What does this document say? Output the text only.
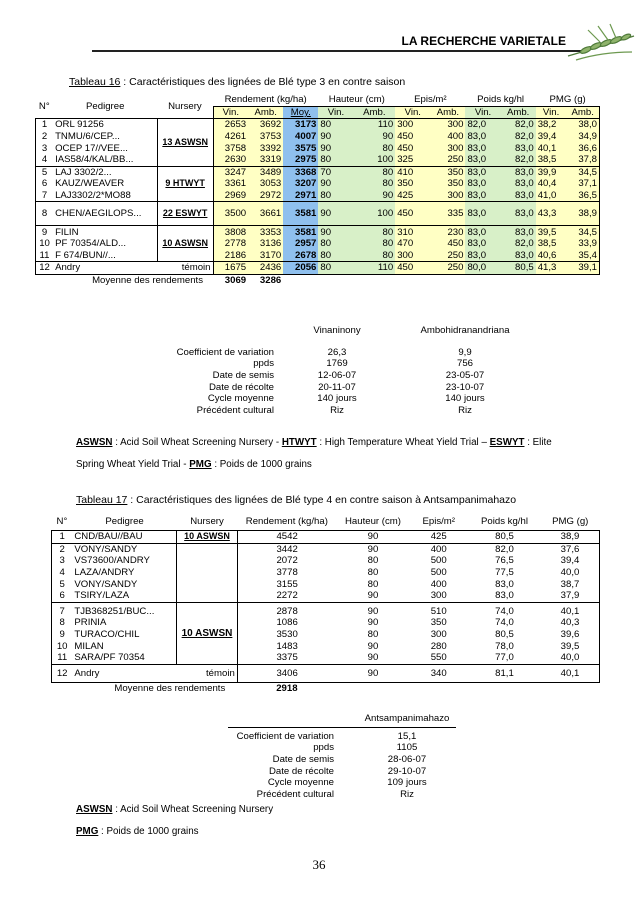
LA RECHERCHE VARIETALE
Tableau 16 : Caractéristiques des lignées de Blé type 3 en contre saison
N°	Pedigree	Nursery	Rendement (kg/ha)			Hauteur (cm)		Epis/m²		Poids kg/hl		PMG (g)	
			Vin.	Amb.	Moy.	Vin.	Amb.	Vin.	Amb.	Vin.	Amb.	Vin.	Amb.
1	ORL 91256	13 ASWSN	2653	3692	3173	80	110	300	300	82,0	82,0	38,2	38,0
2	TNMU/6/CEP...		4261	3753	4007	90	90	450	400	83,0	82,0	39,4	34,9
3	OCEP 17//VEE...		3758	3392	3575	90	80	450	300	83,0	83,0	40,1	36,6
4	IAS58/4/KAL/BB...		2630	3319	2975	80	100	325	250	83,0	82,0	38,5	37,8
5	LAJ 3302/2...	9 HTWYT	3247	3489	3368	70	80	410	350	83,0	83,0	39,9	34,5
6	KAUZ/WEAVER		3361	3053	3207	90	80	350	350	83,0	83,0	40,4	37,1
7	LAJ3302/2*MO88		2969	2972	2971	80	90	425	300	83,0	83,0	41,0	36,5
8	CHEN/AEGILOPS...	22 ESWYT	3500	3661	3581	90	100	450	335	83,0	83,0	43,3	38,9
9	FILIN	10 ASWSN	3808	3353	3581	90	80	310	230	83,0	83,0	39,5	34,5
10	PF 70354/ALD...		2778	3136	2957	80	80	470	450	83,0	82,0	38,5	33,9
11	F 674/BUN//...		2186	3170	2678	80	80	300	250	83,0	83,0	40,6	35,4
12	Andry	témoin	1675	2436	2056	80	110	450	250	80,0	80,5	41,3	39,1
Moyenne des rendements			3069	3286									
	Vinaninony	Ambohidranandriana

Coefficient de variation	26,3	9,9
ppds	1769	756
Date de semis	12-06-07	23-05-07
Date de récolte	20-11-07	23-10-07
Cycle moyenne	140 jours	140 jours
Précédent cultural	Riz	Riz
ASWSN : Acid Soil Wheat Screening Nursery - HTWYT : High Temperature Wheat Yield Trial – ESWYT : Elite
Spring Wheat Yield Trial - PMG : Poids de 1000 grains
Tableau 17 : Caractéristiques des lignées de Blé type 4 en contre saison à Antsampanimahazo
N°	Pedigree	Nursery	Rendement (kg/ha)	Hauteur (cm)	Epis/m²	Poids kg/hl	PMG (g)
1	CND/BAU//BAU	10 ASWSN	4542	90	425	80,5	38,9
2	VONY/SANDY		3442	90	400	82,0	37,6
3	VS73600/ANDRY		2072	80	500	76,5	39,4
4	LAZA/ANDRY		3778	80	500	77,5	40,0
5	VONY/SANDY		3155	80	400	83,0	38,7
6	TSIRY/LAZA		2272	90	300	83,0	37,9
7	TJB368251/BUC...	10 ASWSN	2878	90	510	74,0	40,1
8	PRINIA		1086	90	350	74,0	40,3
9	TURACO/CHIL		3530	80	300	80,5	39,6
10	MILAN		1483	90	280	78,0	39,5
11	SARA/PF 70354		3375	90	550	77,0	40,0
12	Andry	témoin	3406	90	340	81,1	40,1
Moyenne des rendements			2918				
	Antsampanimahazo

Coefficient de variation	15,1
ppds	1105
Date de semis	28-06-07
Date de récolte	29-10-07
Cycle moyenne	109 jours
Précédent cultural	Riz
ASWSN : Acid Soil Wheat Screening Nursery
PMG : Poids de 1000 grains
36
